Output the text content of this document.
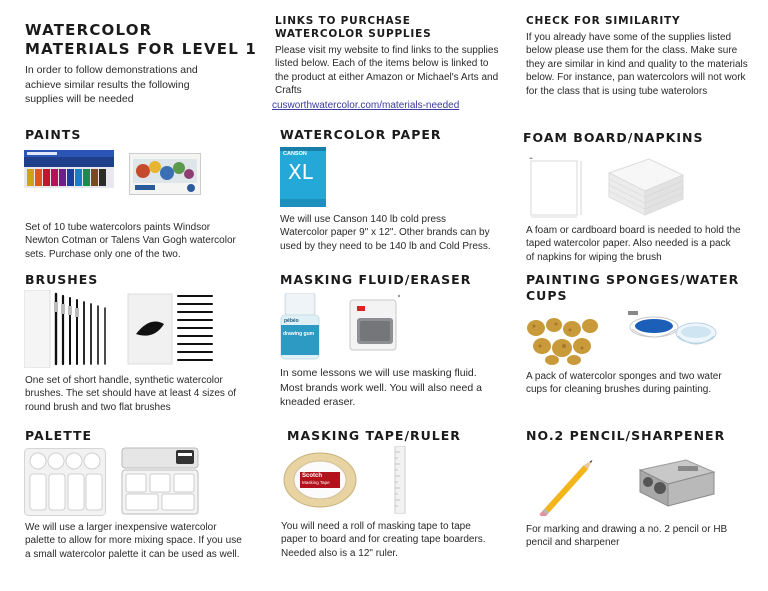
WATERCOLOR
MATERIALS FOR LEVEL 1
In order to follow demonstrations and achieve similar results the following supplies will be needed
LINKS TO PURCHASE
WATERCOLOR SUPPLIES
Please visit my website to find links to the supplies listed below. Each of the items below is linked to the product at either Amazon or Michael's Arts and Crafts
cusworthwatercolor.com/materials-needed
CHECK FOR SIMILARITY
If you already have some of the supplies listed below please use them for the class. Make sure they are similar in kind and quality to the materials below. For instance, pan watercolors will not work for the class that is using tube waterolors
PAINTS
Set of 10 tube watercolors paints Windsor Newton Cotman or Talens Van Gogh watercolor sets. Purchase only one of the two.
WATERCOLOR PAPER
CANSON
XL
We will use Canson 140 lb cold press Watercolor paper 9" x 12". Other brands can by used by they need to be 140 lb and Cold Press.
FOAM BOARD/NAPKINS
A foam or cardboard board is needed to hold the taped watercolor paper. Also needed is a pack of napkins for wiping the brush
BRUSHES
One set of short handle, synthetic watercolor brushes. The set should have at least 4 sizes of round brush and two flat brushes
MASKING FLUID/ERASER
pébéo
drawing gum
In some lessons we will use masking fluid. Most brands work well. You will also need a kneaded eraser.
PAINTING SPONGES/WATER
CUPS
A pack of watercolor sponges and two water cups for cleaning brushes during painting.
PALETTE
We will use a larger inexpensive watercolor palette to allow for more mixing space. If you use a small watercolor palette it can be used as well.
MASKING TAPE/RULER
Scotch
Masking Tape
You will need a roll of masking tape to tape paper to board and for creating tape boarders. Needed also is a 12" ruler.
NO.2 PENCIL/SHARPENER
For marking and drawing a no. 2 pencil or HB pencil and sharpener
